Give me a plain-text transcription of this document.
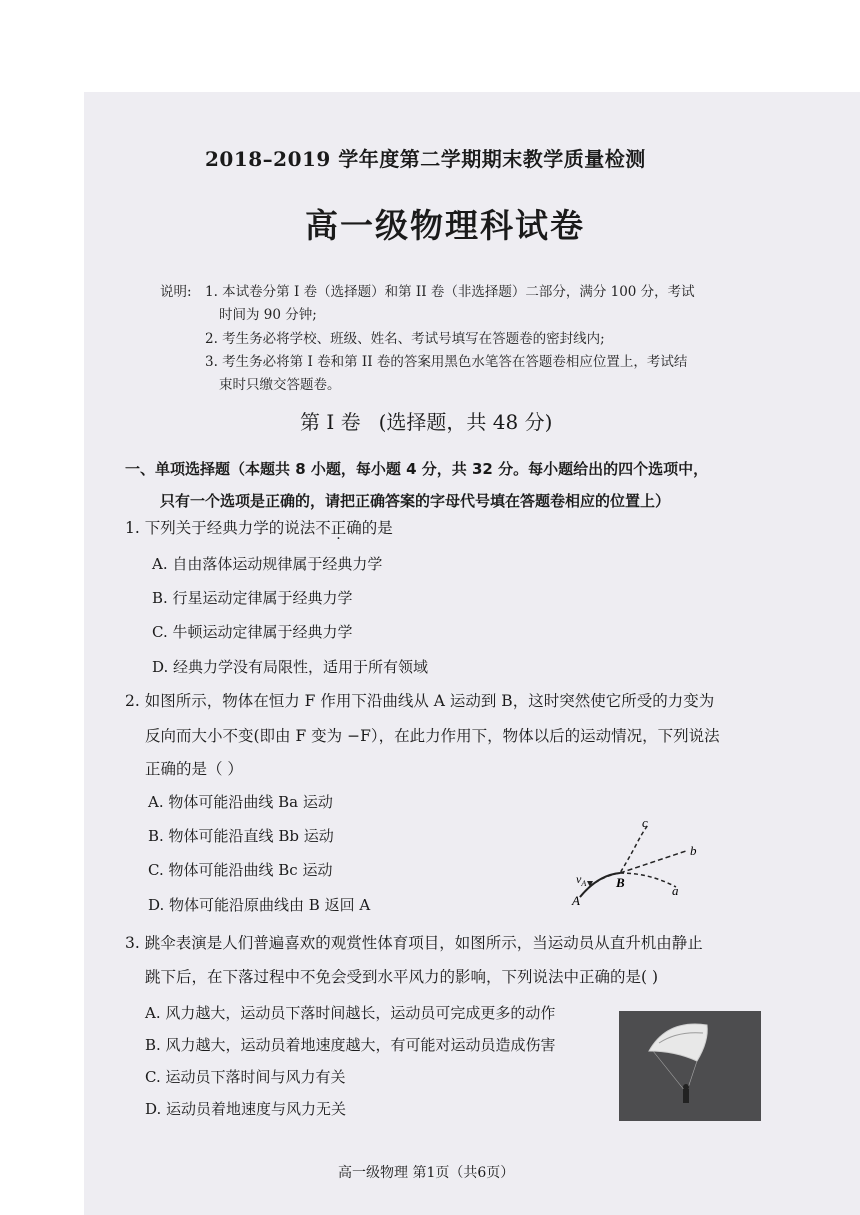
2018–2019 学年度第二学期期末教学质量检测
高一级物理科试卷
说明: 1. 本试卷分第 I 卷（选择题）和第 II 卷（非选择题）二部分，满分 100 分，考试
时间为 90 分钟;
2. 考生务必将学校、班级、姓名、考试号填写在答题卷的密封线内;
3. 考生务必将第 I 卷和第 II 卷的答案用黑色水笔答在答题卷相应位置上，考试结
束时只缴交答题卷。
第 I 卷 (选择题，共 48 分)
一、单项选择题（本题共 8 小题，每小题 4 分，共 32 分。每小题给出的四个选项中，
只有一个选项是正确的，请把正确答案的字母代号填在答题卷相应的位置上）
1. 下列关于经典力学的说法不正确的是
A. 自由落体运动规律属于经典力学
B. 行星运动定律属于经典力学
C. 牛顿运动定律属于经典力学
D. 经典力学没有局限性，适用于所有领域
2. 如图所示，物体在恒力 F 作用下沿曲线从 A 运动到 B，这时突然使它所受的力变为
反向而大小不变(即由 F 变为 −F），在此力作用下，物体以后的运动情况，下列说法
正确的是（ ）
A. 物体可能沿曲线 Ba 运动
B. 物体可能沿直线 Bb 运动
C. 物体可能沿曲线 Bc 运动
D. 物体可能沿原曲线由 B 返回 A
c
b
a
B
A
$v_A$
3. 跳伞表演是人们普遍喜欢的观赏性体育项目，如图所示，当运动员从直升机由静止
跳下后，在下落过程中不免会受到水平风力的影响，下列说法中正确的是( )
A. 风力越大，运动员下落时间越长，运动员可完成更多的动作
B. 风力越大，运动员着地速度越大，有可能对运动员造成伤害
C. 运动员下落时间与风力有关
D. 运动员着地速度与风力无关
高一级物理 第1页（共6页）
